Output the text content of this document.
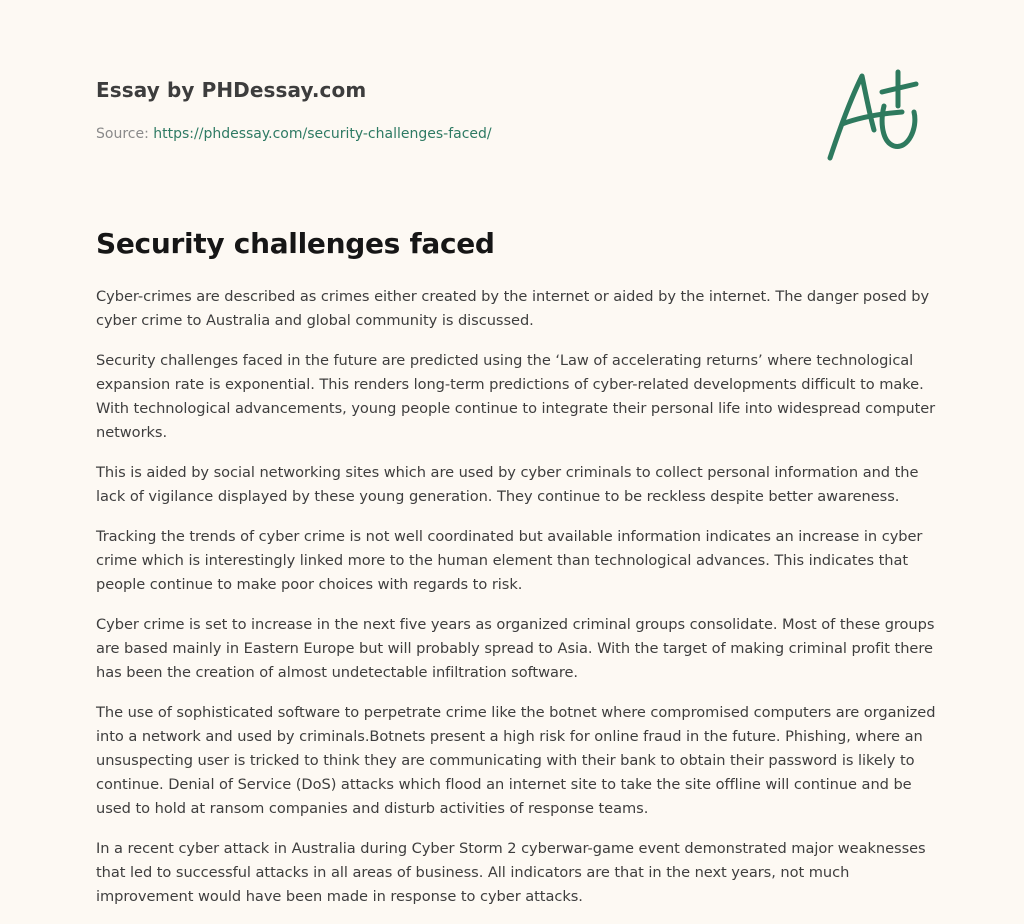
Essay by PHDessay.com
Source: https://phdessay.com/security-challenges-faced/
Security challenges faced

Cyber-crimes are described as crimes either created by the internet or aided by the internet. The danger posed by cyber crime to Australia and global community is discussed.

Security challenges faced in the future are predicted using the ‘Law of accelerating returns’ where technological expansion rate is exponential. This renders long-term predictions of cyber-related developments difficult to make. With technological advancements, young people continue to integrate their personal life into widespread computer networks.

This is aided by social networking sites which are used by cyber criminals to collect personal information and the lack of vigilance displayed by these young generation. They continue to be reckless despite better awareness.

Tracking the trends of cyber crime is not well coordinated but available information indicates an increase in cyber crime which is interestingly linked more to the human element than technological advances. This indicates that people continue to make poor choices with regards to risk.

Cyber crime is set to increase in the next five years as organized criminal groups consolidate. Most of these groups are based mainly in Eastern Europe but will probably spread to Asia. With the target of making criminal profit there has been the creation of almost undetectable infiltration software.

The use of sophisticated software to perpetrate crime like the botnet where compromised computers are organized into a network and used by criminals.Botnets present a high risk for online fraud in the future. Phishing, where an unsuspecting user is tricked to think they are communicating with their bank to obtain their password is likely to continue. Denial of Service (DoS) attacks which flood an internet site to take the site offline will continue and be used to hold at ransom companies and disturb activities of response teams.

In a recent cyber attack in Australia during Cyber Storm 2 cyberwar-game event demonstrated major weaknesses that led to successful attacks in all areas of business. All indicators are that in the next years, not much improvement would have been made in response to cyber attacks.
